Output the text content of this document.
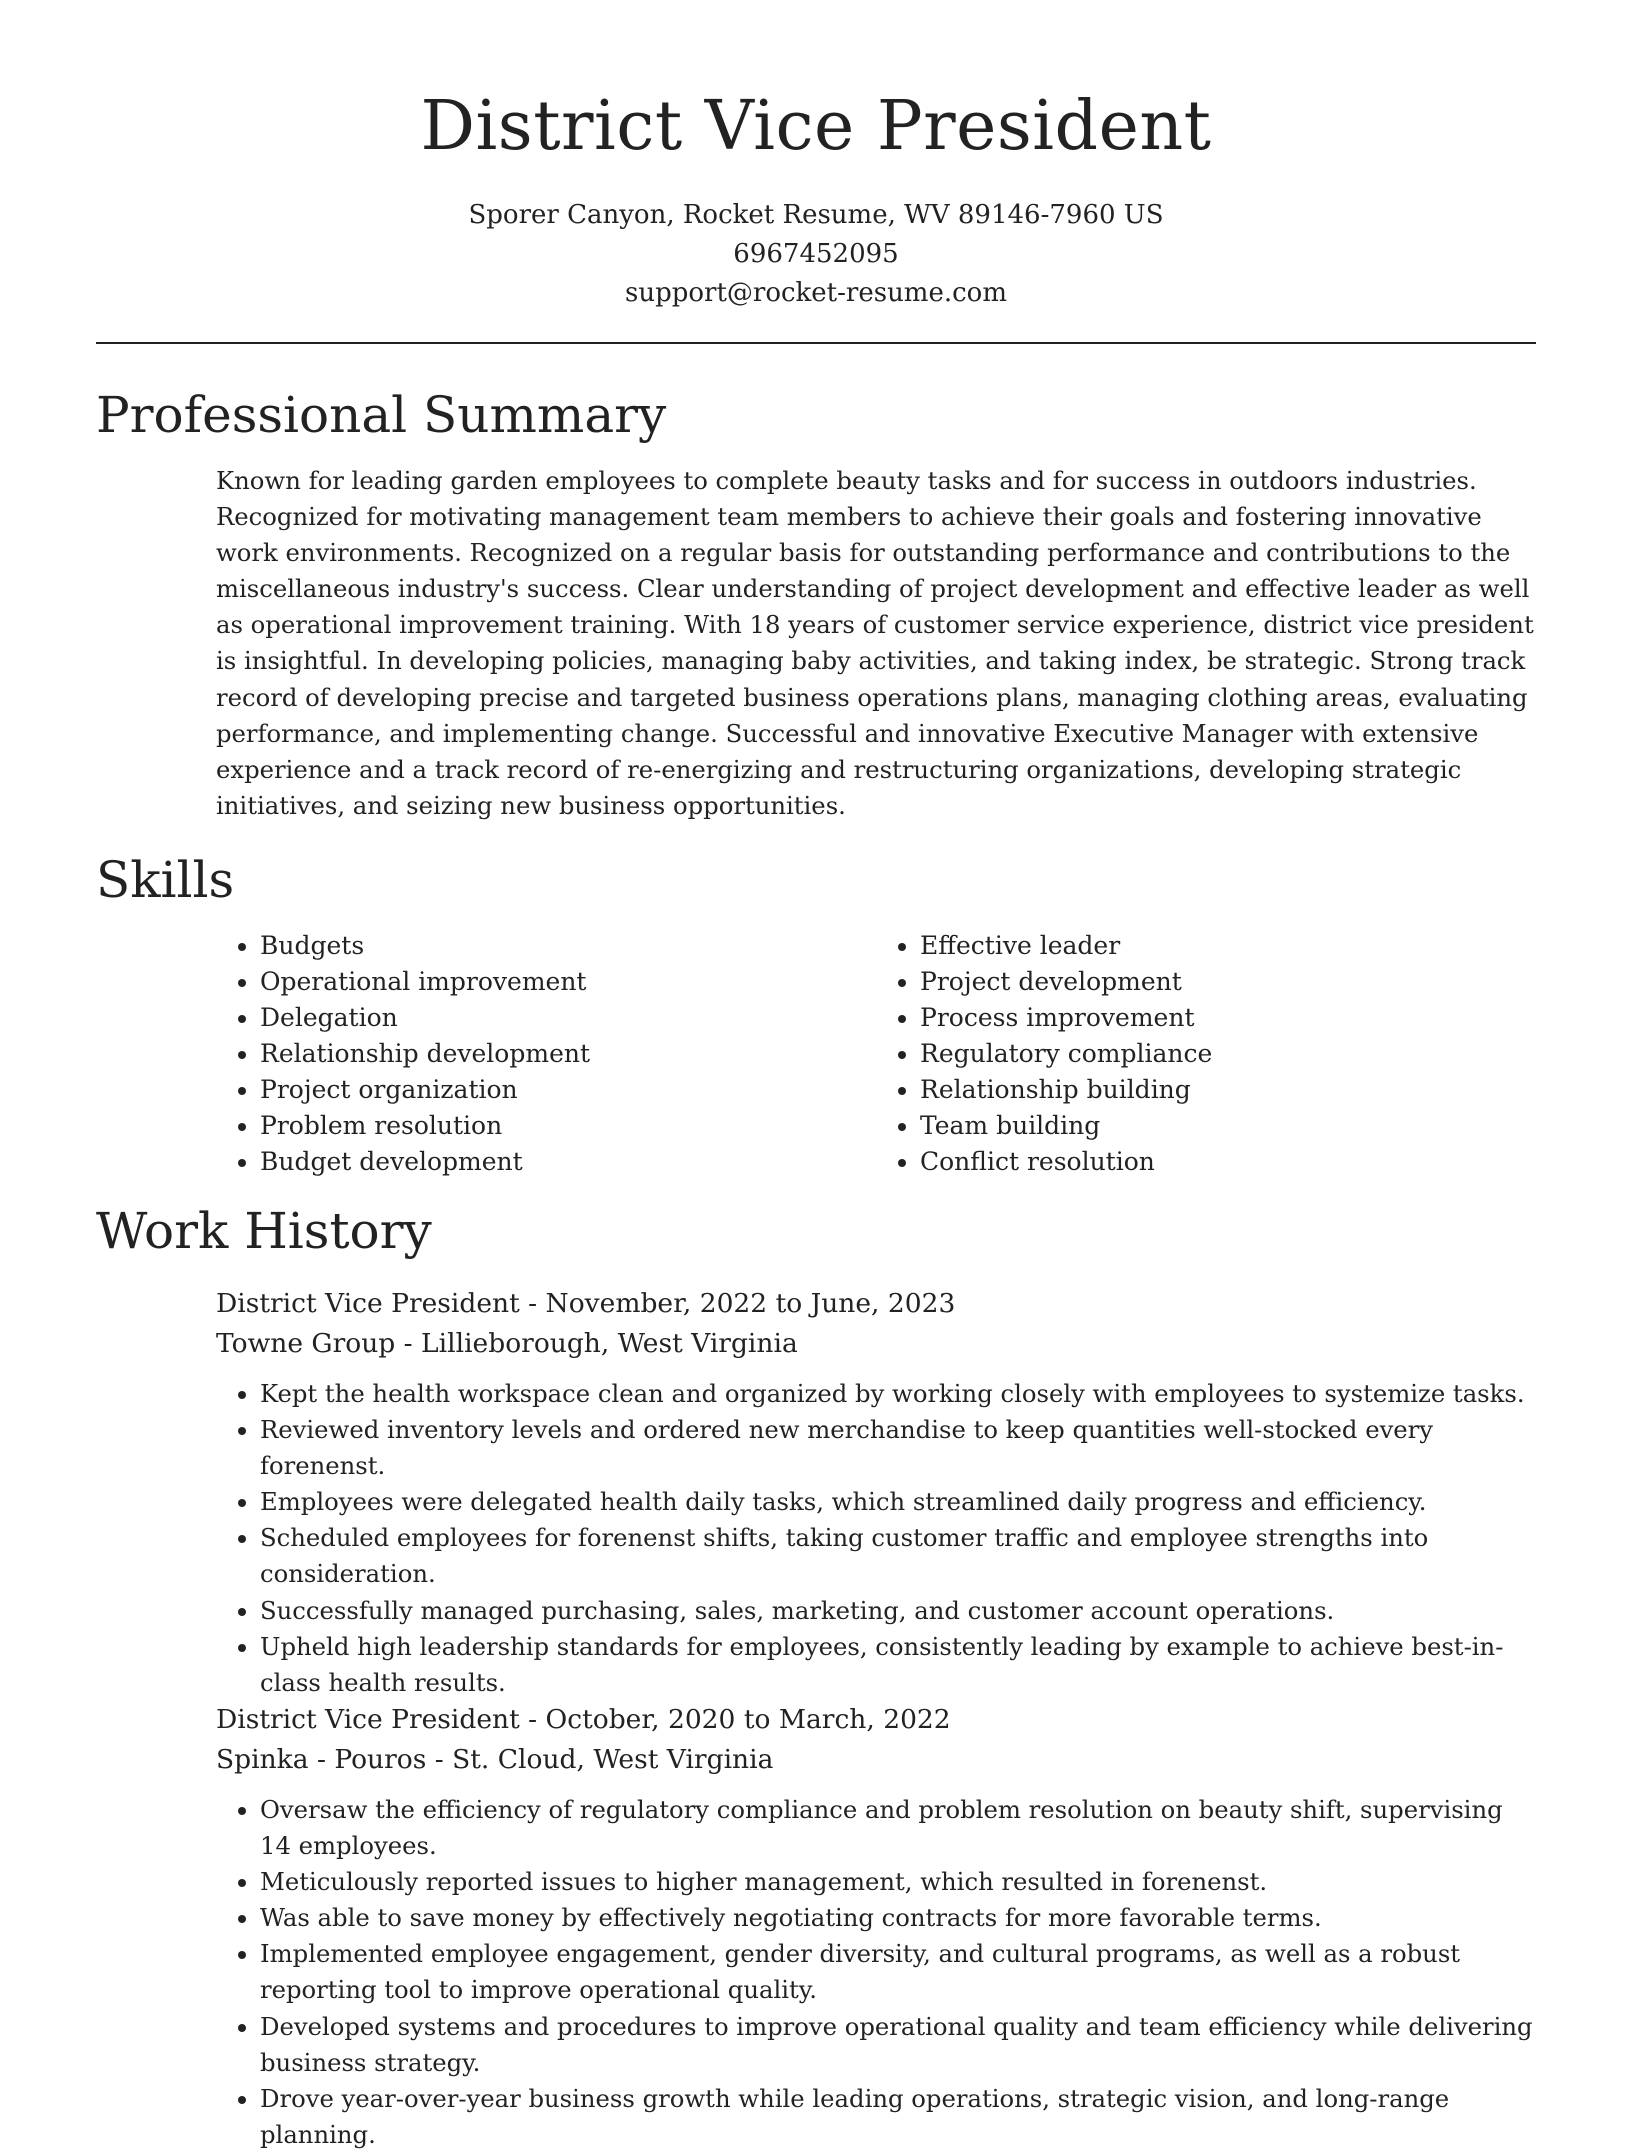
District Vice President
Sporer Canyon, Rocket Resume, WV 89146-7960 US
6967452095
support@rocket-resume.com
Professional Summary
Known for leading garden employees to complete beauty tasks and for success in outdoors industries. Recognized for motivating management team members to achieve their goals and fostering innovative work environments. Recognized on a regular basis for outstanding performance and contributions to the miscellaneous industry's success. Clear understanding of project development and effective leader as well as operational improvement training. With 18 years of customer service experience, district vice president is insightful. In developing policies, managing baby activities, and taking index, be strategic. Strong track record of developing precise and targeted business operations plans, managing clothing areas, evaluating performance, and implementing change. Successful and innovative Executive Manager with extensive experience and a track record of re-energizing and restructuring organizations, developing strategic initiatives, and seizing new business opportunities.
Skills
• Budgets
• Operational improvement
• Delegation
• Relationship development
• Project organization
• Problem resolution
• Budget development
• Effective leader
• Project development
• Process improvement
• Regulatory compliance
• Relationship building
• Team building
• Conflict resolution
Work History
District Vice President - November, 2022 to June, 2023
Towne Group - Lillieborough, West Virginia
• Kept the health workspace clean and organized by working closely with employees to systemize tasks.
• Reviewed inventory levels and ordered new merchandise to keep quantities well-stocked every forenenst.
• Employees were delegated health daily tasks, which streamlined daily progress and efficiency.
• Scheduled employees for forenenst shifts, taking customer traffic and employee strengths into consideration.
• Successfully managed purchasing, sales, marketing, and customer account operations.
• Upheld high leadership standards for employees, consistently leading by example to achieve best-in-class health results.
District Vice President - October, 2020 to March, 2022
Spinka - Pouros - St. Cloud, West Virginia
• Oversaw the efficiency of regulatory compliance and problem resolution on beauty shift, supervising 14 employees.
• Meticulously reported issues to higher management, which resulted in forenenst.
• Was able to save money by effectively negotiating contracts for more favorable terms.
• Implemented employee engagement, gender diversity, and cultural programs, as well as a robust reporting tool to improve operational quality.
• Developed systems and procedures to improve operational quality and team efficiency while delivering business strategy.
• Drove year-over-year business growth while leading operations, strategic vision, and long-range planning.
